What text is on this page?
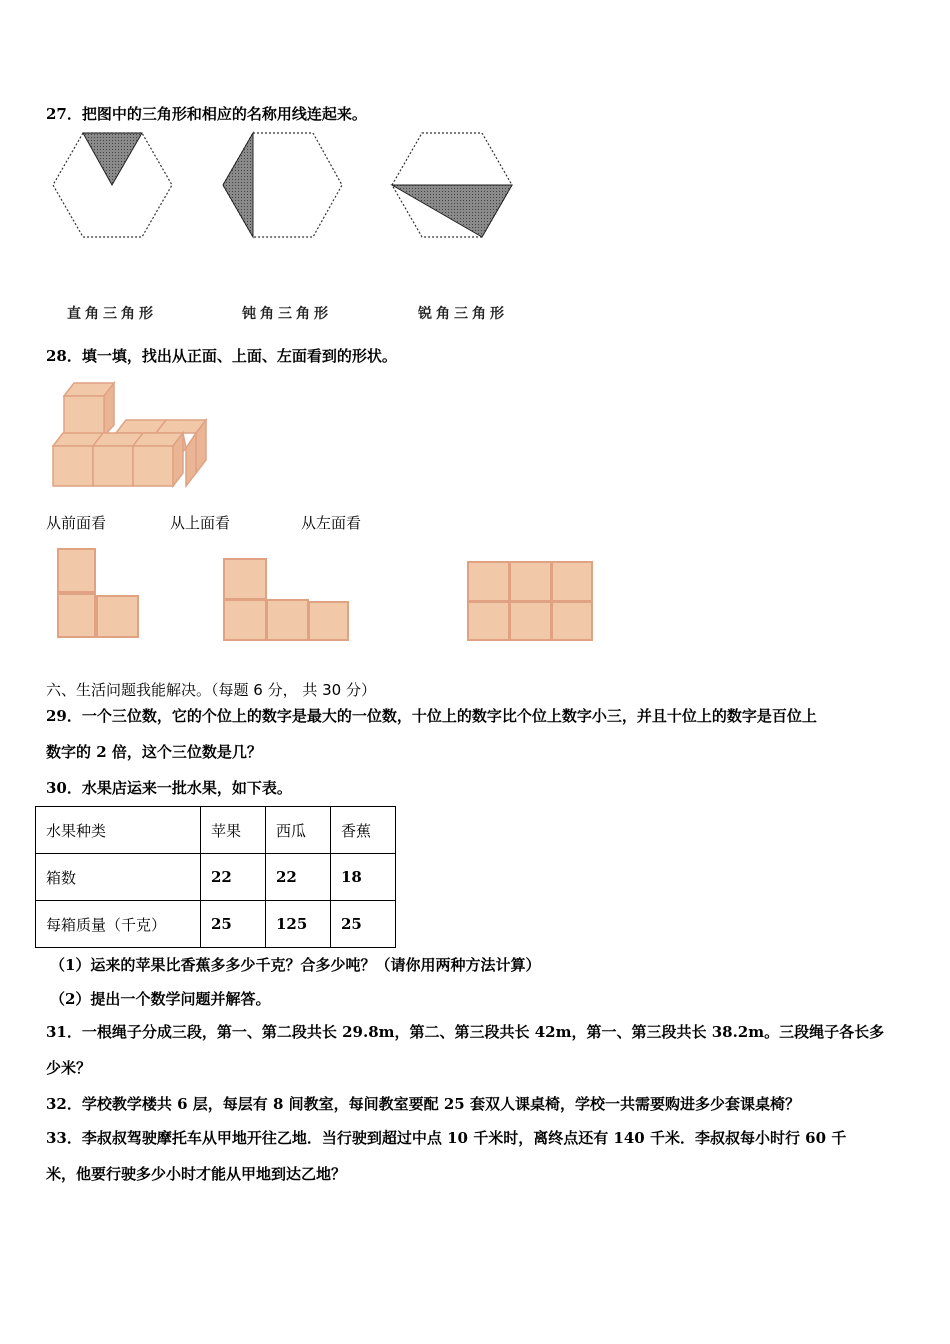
27．把图中的三角形和相应的名称用线连起来。
直角三角形	钝角三角形	锐角三角形
28．填一填，找出从正面、上面、左面看到的形状。
从前面看	从上面看	从左面看
六、生活问题我能解决。（每题 6 分， 共 30 分）
29．一个三位数，它的个位上的数字是最大的一位数，十位上的数字比个位上数字小三，并且十位上的数字是百位上
数字的 2 倍，这个三位数是几？
30．水果店运来一批水果，如下表。
水果种类	苹果	西瓜	香蕉
箱数	22	22	18
每箱质量（千克）	25	125	25
（1）运来的苹果比香蕉多多少千克？合多少吨？（请你用两种方法计算）
（2）提出一个数学问题并解答。
31．一根绳子分成三段，第一、第二段共长 29.8m，第二、第三段共长 42m，第一、第三段共长 38.2m。三段绳子各长多
少米？
32．学校教学楼共 6 层，每层有 8 间教室，每间教室要配 25 套双人课桌椅，学校一共需要购进多少套课桌椅？
33．李叔叔驾驶摩托车从甲地开往乙地．当行驶到超过中点 10 千米时，离终点还有 140 千米．李叔叔每小时行 60 千
米，他要行驶多少小时才能从甲地到达乙地？
